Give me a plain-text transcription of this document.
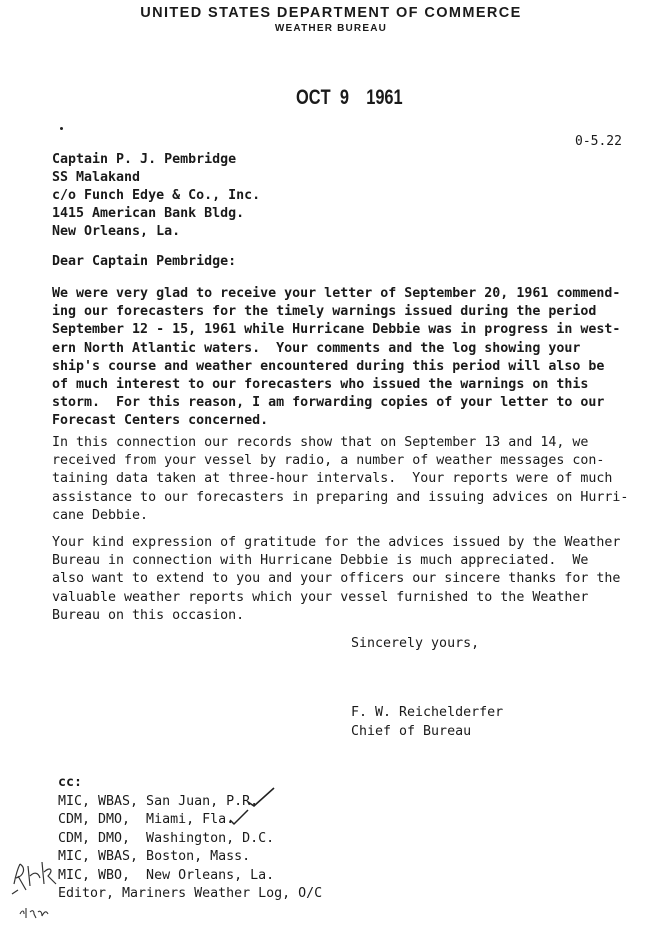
UNITED STATES DEPARTMENT OF COMMERCE
WEATHER BUREAU
OCT 9 1961
0-5.22
Captain P. J. Pembridge
SS Malakand
c/o Funch Edye & Co., Inc.
1415 American Bank Bldg.
New Orleans, La.
Dear Captain Pembridge:
We were very glad to receive your letter of September 20, 1961 commend-
ing our forecasters for the timely warnings issued during the period
September 12 - 15, 1961 while Hurricane Debbie was in progress in west-
ern North Atlantic waters.  Your comments and the log showing your
ship's course and weather encountered during this period will also be
of much interest to our forecasters who issued the warnings on this
storm.  For this reason, I am forwarding copies of your letter to our
Forecast Centers concerned.
In this connection our records show that on September 13 and 14, we
received from your vessel by radio, a number of weather messages con-
taining data taken at three-hour intervals.  Your reports were of much
assistance to our forecasters in preparing and issuing advices on Hurri-
cane Debbie.
Your kind expression of gratitude for the advices issued by the Weather
Bureau in connection with Hurricane Debbie is much appreciated.  We
also want to extend to you and your officers our sincere thanks for the
valuable weather reports which your vessel furnished to the Weather
Bureau on this occasion.
Sincerely yours,
F. W. Reichelderfer
Chief of Bureau
cc:
MIC, WBAS, San Juan, P.R.
CDM, DMO,  Miami, Fla.
CDM, DMO,  Washington, D.C.
MIC, WBAS, Boston, Mass.
MIC, WBO,  New Orleans, La.
Editor, Mariners Weather Log, O/C
